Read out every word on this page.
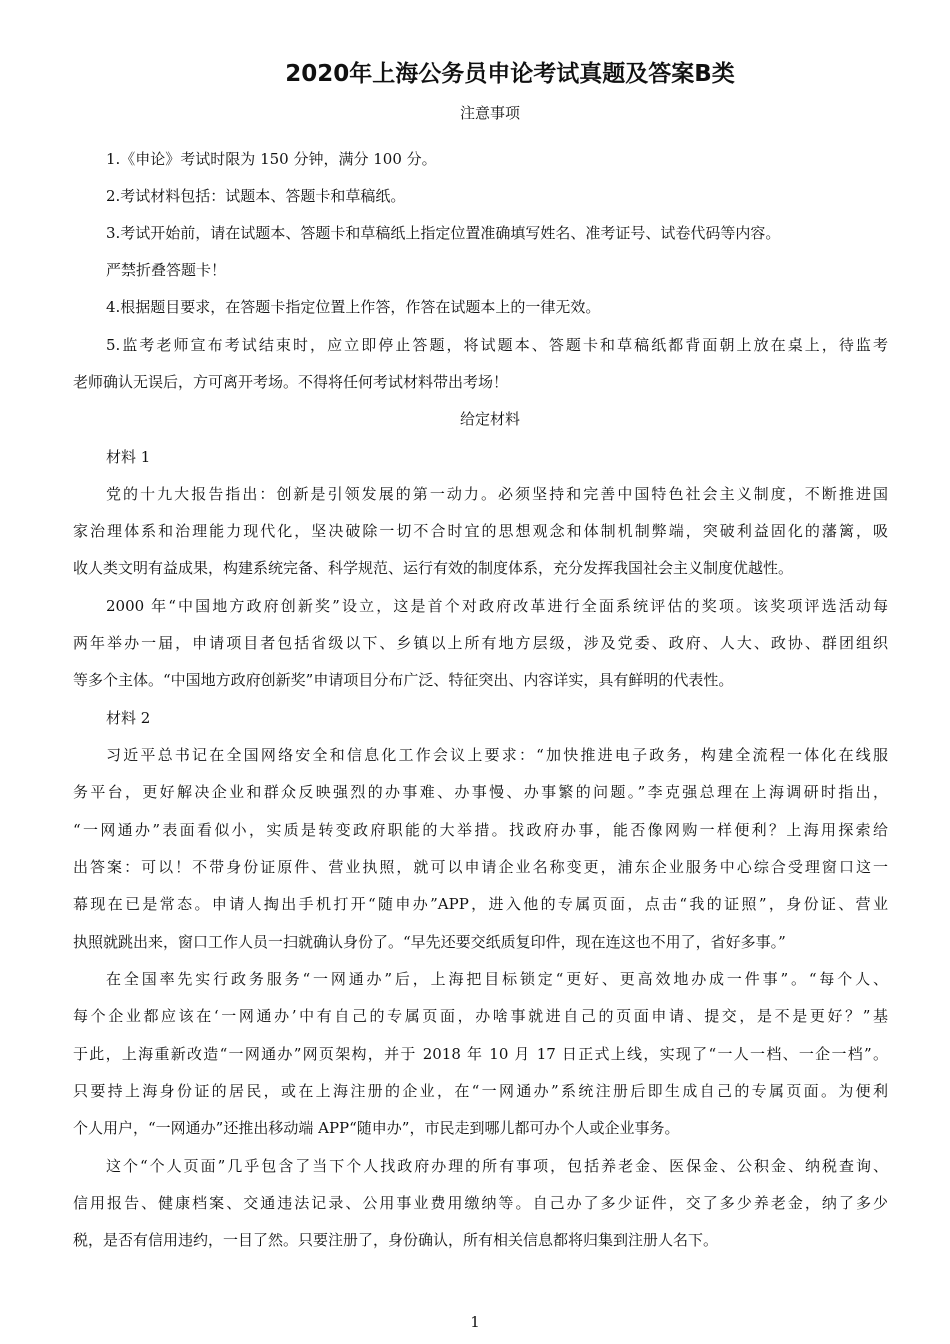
2020年上海公务员申论考试真题及答案B类
注意事项
1.《申论》考试时限为 150 分钟，满分 100 分。
2.考试材料包括：试题本、答题卡和草稿纸。
3.考试开始前，请在试题本、答题卡和草稿纸上指定位置准确填写姓名、准考证号、试卷代码等内容。
严禁折叠答题卡！
4.根据题目要求，在答题卡指定位置上作答，作答在试题本上的一律无效。
5.监考老师宣布考试结束时，应立即停止答题，将试题本、答题卡和草稿纸都背面朝上放在桌上，待监考
老师确认无误后，方可离开考场。不得将任何考试材料带出考场！
给定材料
材料 1
党的十九大报告指出：创新是引领发展的第一动力。必须坚持和完善中国特色社会主义制度，不断推进国
家治理体系和治理能力现代化，坚决破除一切不合时宜的思想观念和体制机制弊端，突破利益固化的藩篱，吸
收人类文明有益成果，构建系统完备、科学规范、运行有效的制度体系，充分发挥我国社会主义制度优越性。
2000 年“中国地方政府创新奖”设立，这是首个对政府改革进行全面系统评估的奖项。该奖项评选活动每
两年举办一届，申请项目者包括省级以下、乡镇以上所有地方层级，涉及党委、政府、人大、政协、群团组织
等多个主体。“中国地方政府创新奖”申请项目分布广泛、特征突出、内容详实，具有鲜明的代表性。
材料 2
习近平总书记在全国网络安全和信息化工作会议上要求：“加快推进电子政务，构建全流程一体化在线服
务平台，更好解决企业和群众反映强烈的办事难、办事慢、办事繁的问题。”李克强总理在上海调研时指出，
“一网通办”表面看似小，实质是转变政府职能的大举措。找政府办事，能否像网购一样便利？上海用探索给
出答案：可以！不带身份证原件、营业执照，就可以申请企业名称变更，浦东企业服务中心综合受理窗口这一
幕现在已是常态。申请人掏出手机打开“随申办”APP，进入他的专属页面，点击“我的证照”，身份证、营业
执照就跳出来，窗口工作人员一扫就确认身份了。“早先还要交纸质复印件，现在连这也不用了，省好多事。”
在全国率先实行政务服务“一网通办”后，上海把目标锁定“更好、更高效地办成一件事”。“每个人、
每个企业都应该在‘一网通办’中有自己的专属页面，办啥事就进自己的页面申请、提交，是不是更好？”基
于此，上海重新改造“一网通办”网页架构，并于 2018 年 10 月 17 日正式上线，实现了“一人一档、一企一档”。
只要持上海身份证的居民，或在上海注册的企业，在“一网通办”系统注册后即生成自己的专属页面。为便利
个人用户，“一网通办”还推出移动端 APP“随申办”，市民走到哪儿都可办个人或企业事务。
这个“个人页面”几乎包含了当下个人找政府办理的所有事项，包括养老金、医保金、公积金、纳税查询、
信用报告、健康档案、交通违法记录、公用事业费用缴纳等。自己办了多少证件，交了多少养老金，纳了多少
税，是否有信用违约，一目了然。只要注册了，身份确认，所有相关信息都将归集到注册人名下。
1
